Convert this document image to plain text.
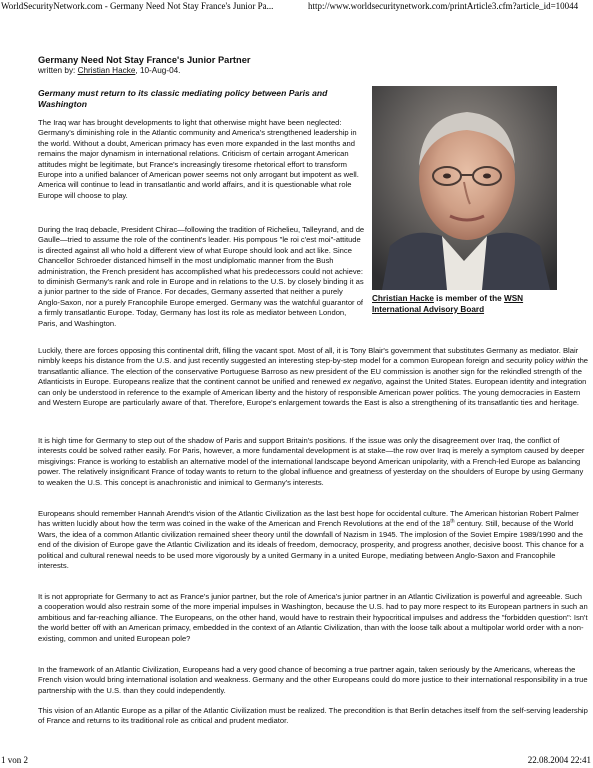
WorldSecurityNetwork.com - Germany Need Not Stay France's Junior Pa...	http://www.worldsecuritynetwork.com/printArticle3.cfm?article_id=10044
Germany Need Not Stay France's Junior Partner
written by: Christian Hacke, 10-Aug-04.
Germany must return to its classic mediating policy between Paris and Washington

The Iraq war has brought developments to light that otherwise might have been neglected: Germany's diminishing role in the Atlantic community and America's strengthened leadership in the world. Without a doubt, American primacy has even more expanded in the last months and remains the major dynamism in international relations. Criticism of certain arrogant American attitudes might be legitimate, but France's increasingly tiresome rhetorical effort to transform Europe into a unified balancer of American power seems not only arrogant but impotent as well. America will continue to lead in transatlantic and world affairs, and it is questionable what role Europe will choose to play.

During the Iraq debacle, President Chirac—following the tradition of Richelieu, Talleyrand, and de Gaulle—tried to assume the role of the continent's leader. His pompous "le roi c'est moi"-attitude is directed against all who hold a different view of what Europe should look and act like. Since Chancellor Schroeder distanced himself in the most undiplomatic manner from the Bush administration, the French president has accomplished what his predecessors could not achieve: to diminish Germany's rank and role in Europe and in relations to the U.S. by closely binding it as a junior partner to the side of France. For decades, Germany asserted that neither a purely Anglo-Saxon, nor a purely Francophile Europe emerged. Germany was the watchful guarantor of a firmly transatlantic Europe. Today, Germany has lost its role as mediator between London, Paris, and Washington.

Christian Hacke is member of the WSN International Advisory Board

Luckily, there are forces opposing this continental drift, filling the vacant spot. Most of all, it is Tony Blair's government that substitutes Germany as mediator. Blair nimbly keeps his distance from the U.S. and just recently suggested an interesting step-by-step model for a common European foreign and security policy within the transatlantic alliance. The election of the conservative Portuguese Barroso as new president of the EU commission is another sign for the rekindled strength of the Atlanticists in Europe. Europeans realize that the continent cannot be unified and renewed ex negativo, against the United States. European identity and integration can only be understood in reference to the example of American liberty and the history of responsible American power politics. The young democracies in Eastern and Western Europe are particularly aware of that. Therefore, Europe's enlargement towards the East is also a strengthening of its transatlantic ties and heritage.

It is high time for Germany to step out of the shadow of Paris and support Britain's positions. If the issue was only the disagreement over Iraq, the conflict of interests could be solved rather easily. For Paris, however, a more fundamental development is at stake—the row over Iraq is merely a symptom caused by deeper misgivings: France is working to establish an alternative model of the international landscape beyond American unipolarity, with a French-led Europe as balancing power. The relatively insignificant France of today wants to return to the global influence and greatness of yesterday on the shoulders of Europe by using Germany to weaken the U.S. This concept is anachronistic and inimical to Germany's interests.

Europeans should remember Hannah Arendt's vision of the Atlantic Civilization as the last best hope for occidental culture. The American historian Robert Palmer has written lucidly about how the term was coined in the wake of the American and French Revolutions at the end of the 18th century. Still, because of the World Wars, the idea of a common Atlantic civilization remained sheer theory until the downfall of Nazism in 1945. The implosion of the Soviet Empire 1989/1990 and the end of the division of Europe gave the Atlantic Civilization and its ideals of freedom, democracy, prosperity, and progress another, decisive boost. This chance for a political and cultural renewal needs to be used more vigorously by a united Germany in a united Europe, mediating between Anglo-Saxon and Francophile interests.

It is not appropriate for Germany to act as France's junior partner, but the role of America's junior partner in an Atlantic Civilization is powerful and agreeable. Such a cooperation would also restrain some of the more imperial impulses in Washington, because the U.S. had to pay more respect to its European partners in such an ambitious and far-reaching alliance. The Europeans, on the other hand, would have to restrain their hypocritical impulses and address the "forbidden question": Isn't the world better off with an American primacy, embedded in the context of an Atlantic Civilization, than with the loose talk about a multipolar world order with a non-existing, common and united European pole?

In the framework of an Atlantic Civilization, Europeans had a very good chance of becoming a true partner again, taken seriously by the Americans, whereas the French vision would bring international isolation and weakness. Germany and the other Europeans could do more justice to their international responsibility in a true partnership with the U.S. than they could independently.

This vision of an Atlantic Europe as a pillar of the Atlantic Civilization must be realized. The precondition is that Berlin detaches itself from the self-serving leadership of France and returns to its traditional role as critical and prudent mediator.

1 von 2	22.08.2004 22:41
